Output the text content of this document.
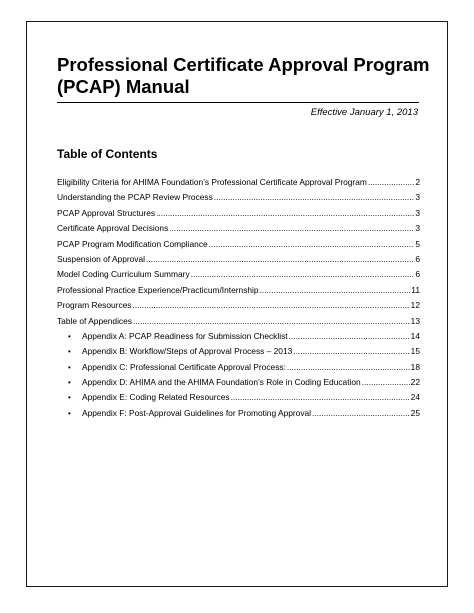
Professional Certificate Approval Program (PCAP) Manual
Effective January 1, 2013
Table of Contents
Eligibility Criteria for AHIMA Foundation’s Professional Certificate Approval Program .....	2
Understanding the PCAP Review Process .....	3
PCAP Approval Structures .....	3
Certificate Approval Decisions .....	3
PCAP Program Modification Compliance .....	5
Suspension of Approval .....	6
Model Coding Curriculum Summary .....	6
Professional Practice Experience/Practicum/Internship .....	11
Program Resources .....	12
Table of Appendices .....	13
•	Appendix A: PCAP Readiness for Submission Checklist .....	14
•	Appendix B: Workflow/Steps of Approval Process – 2013 .....	15
•	Appendix C: Professional Certificate Approval Process: .....	18
•	Appendix D: AHIMA and the AHIMA Foundation’s Role in Coding Education .....	22
•	Appendix E: Coding Related Resources .....	24
•	Appendix F: Post-Approval Guidelines for Promoting Approval .....	25
